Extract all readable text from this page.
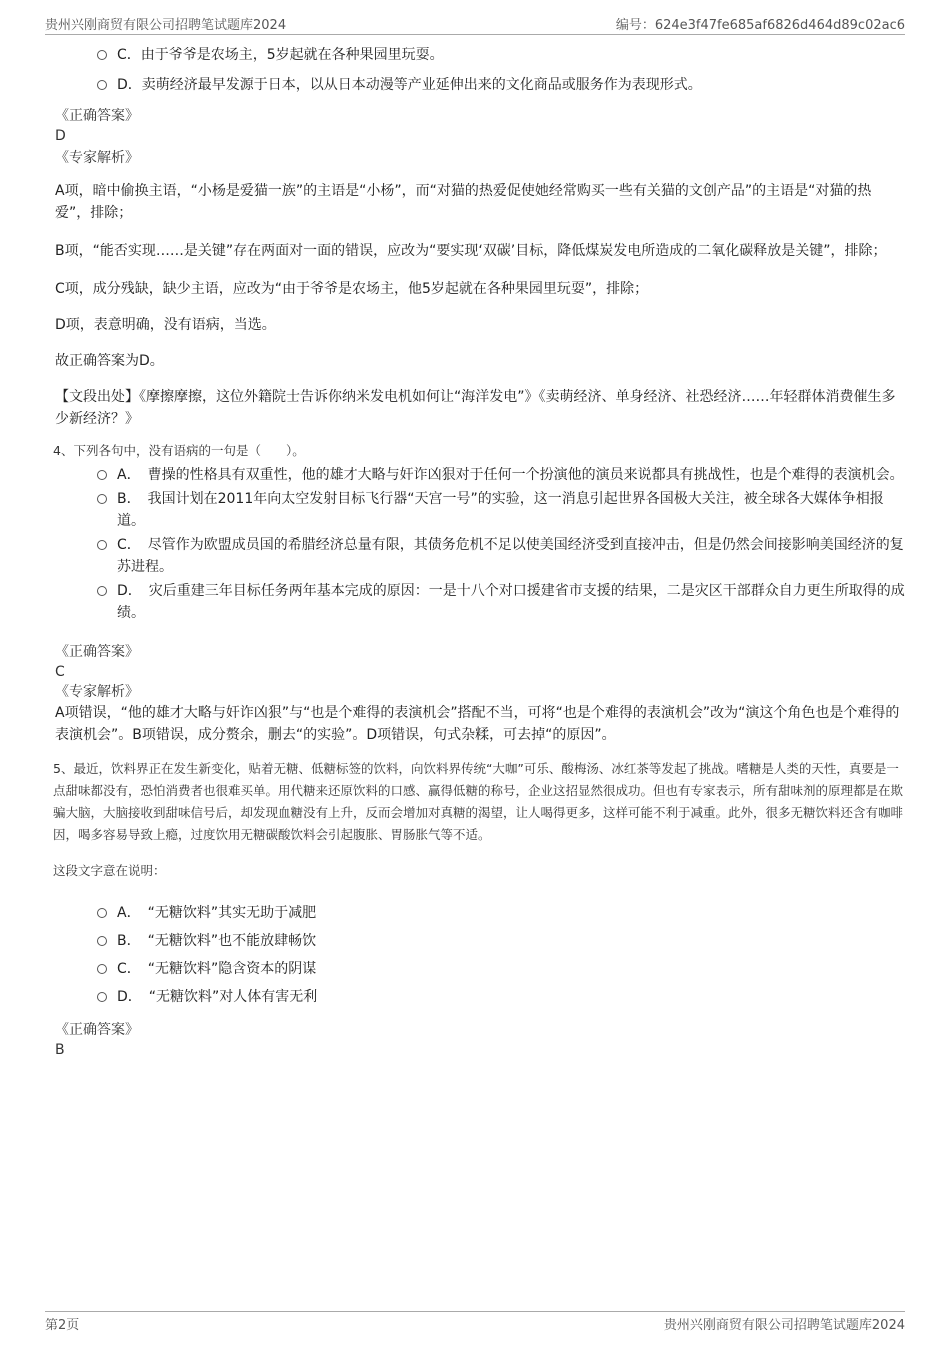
贵州兴刚商贸有限公司招聘笔试题库2024	编号：624e3f47fe685af6826d464d89c02ac6
C．由于爷爷是农场主，5岁起就在各种果园里玩耍。
D．卖萌经济最早发源于日本，以从日本动漫等产业延伸出来的文化商品或服务作为表现形式。
《正确答案》
D
《专家解析》
A项，暗中偷换主语，“小杨是爱猫一族”的主语是“小杨”，而“对猫的热爱促使她经常购买一些有关猫的文创产品”的主语是“对猫的热爱”，排除；
B项，“能否实现……是关键”存在两面对一面的错误，应改为“要实现‘双碳’目标，降低煤炭发电所造成的二氧化碳释放是关键”，排除；
C项，成分残缺，缺少主语，应改为“由于爷爷是农场主，他5岁起就在各种果园里玩耍”，排除；
D项，表意明确，没有语病，当选。
故正确答案为D。
【文段出处】《摩擦摩擦，这位外籍院士告诉你纳米发电机如何让“海洋发电”》《卖萌经济、单身经济、社恐经济……年轻群体消费催生多少新经济？》
4、下列各句中，没有语病的一句是（　　）。
A．　曹操的性格具有双重性，他的雄才大略与奸诈凶狠对于任何一个扮演他的演员来说都具有挑战性，也是个难得的表演机会。
B．　我国计划在2011年向太空发射目标飞行器“天宫一号”的实验，这一消息引起世界各国极大关注，被全球各大媒体争相报道。
C．　尽管作为欧盟成员国的希腊经济总量有限，其债务危机不足以使美国经济受到直接冲击，但是仍然会间接影响美国经济的复苏进程。
D．　灾后重建三年目标任务两年基本完成的原因：一是十八个对口援建省市支援的结果，二是灾区干部群众自力更生所取得的成绩。
《正确答案》
C
《专家解析》
A项错误，“他的雄才大略与奸诈凶狠”与“也是个难得的表演机会”搭配不当，可将“也是个难得的表演机会”改为“演这个角色也是个难得的表演机会”。B项错误，成分赘余，删去“的实验”。D项错误，句式杂糅，可去掉“的原因”。
5、最近，饮料界正在发生新变化，贴着无糖、低糖标签的饮料，向饮料界传统“大咖”可乐、酸梅汤、冰红茶等发起了挑战。嗜糖是人类的天性，真要是一点甜味都没有，恐怕消费者也很难买单。用代糖来还原饮料的口感、赢得低糖的称号，企业这招显然很成功。但也有专家表示，所有甜味剂的原理都是在欺骗大脑，大脑接收到甜味信号后，却发现血糖没有上升，反而会增加对真糖的渴望，让人喝得更多，这样可能不利于减重。此外，很多无糖饮料还含有咖啡因，喝多容易导致上瘾，过度饮用无糖碳酸饮料会引起腹胀、胃肠胀气等不适。
这段文字意在说明：
A．　“无糖饮料”其实无助于减肥
B．　“无糖饮料”也不能放肆畅饮
C．　“无糖饮料”隐含资本的阴谋
D．　“无糖饮料”对人体有害无利
《正确答案》
B
第2页	贵州兴刚商贸有限公司招聘笔试题库2024
